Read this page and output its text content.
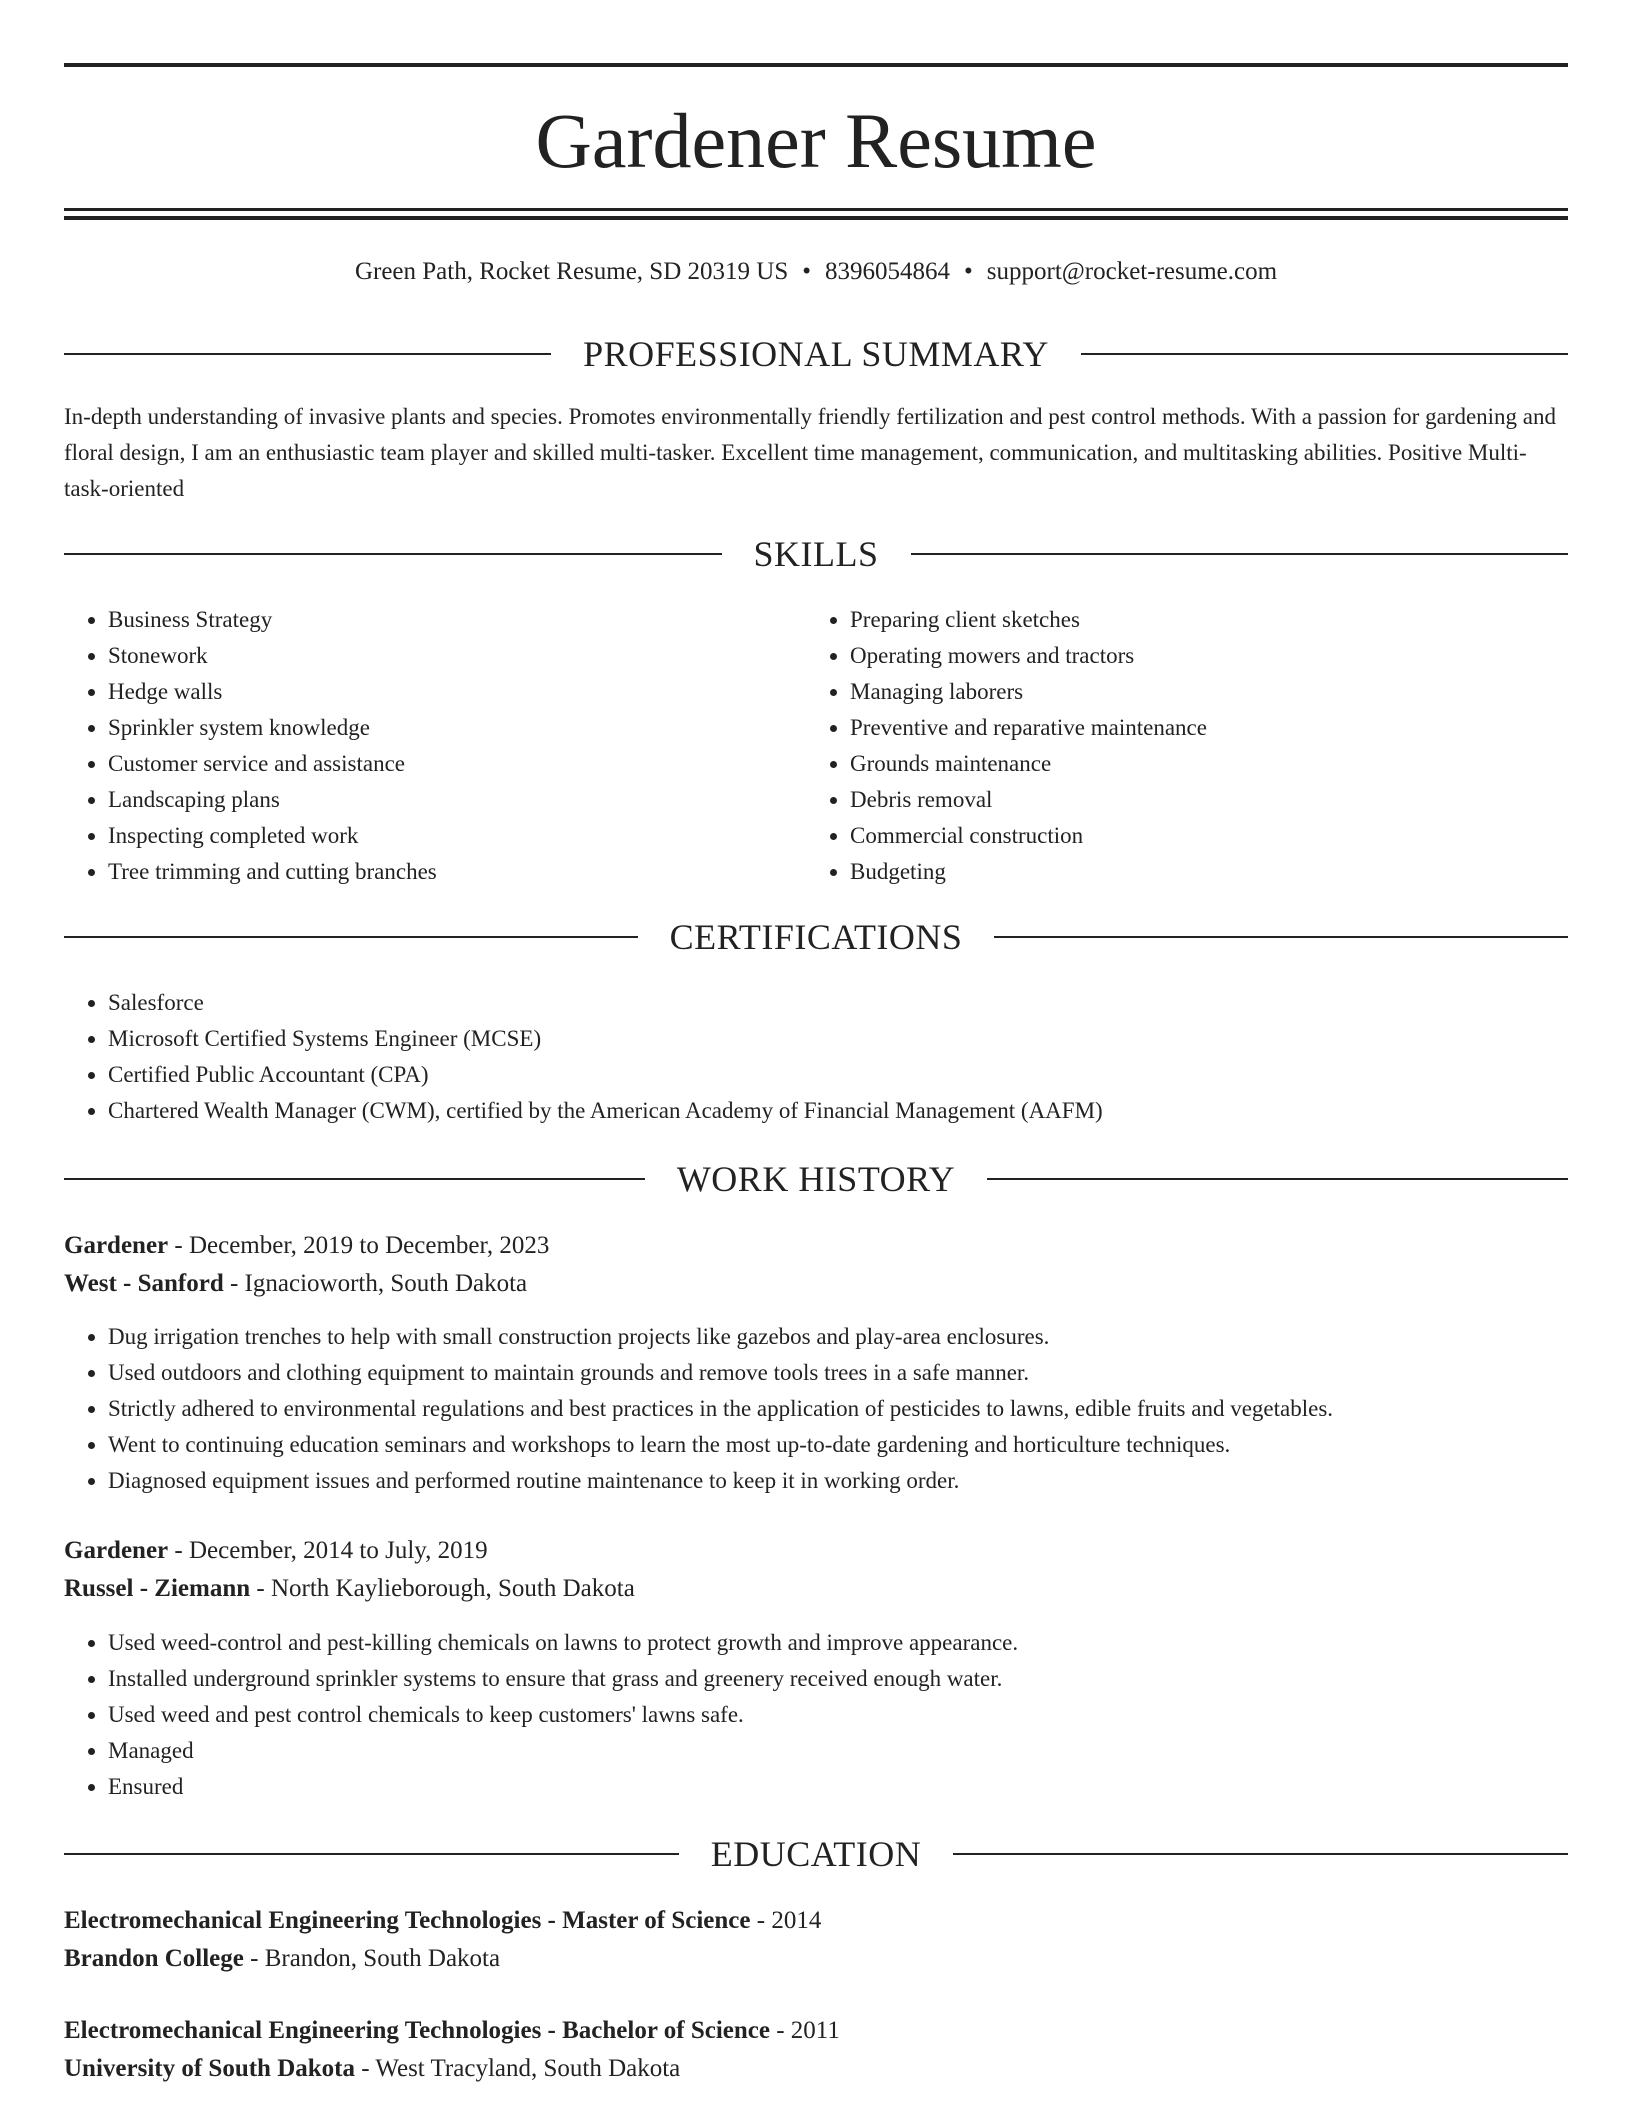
Gardener Resume
Green Path, Rocket Resume, SD 20319 US • 8396054864 • support@rocket-resume.com
PROFESSIONAL SUMMARY

In-depth understanding of invasive plants and species. Promotes environmentally friendly fertilization and pest control methods. With a passion for gardening and floral design, I am an enthusiastic team player and skilled multi-tasker. Excellent time management, communication, and multitasking abilities. Positive Multi-task-oriented

SKILLS
• Business Strategy
• Stonework
• Hedge walls
• Sprinkler system knowledge
• Customer service and assistance
• Landscaping plans
• Inspecting completed work
• Tree trimming and cutting branches
• Preparing client sketches
• Operating mowers and tractors
• Managing laborers
• Preventive and reparative maintenance
• Grounds maintenance
• Debris removal
• Commercial construction
• Budgeting
CERTIFICATIONS
• Salesforce
• Microsoft Certified Systems Engineer (MCSE)
• Certified Public Accountant (CPA)
• Chartered Wealth Manager (CWM), certified by the American Academy of Financial Management (AAFM)
WORK HISTORY

Gardener - December, 2019 to December, 2023

West - Sanford - Ignacioworth, South Dakota

• Dug irrigation trenches to help with small construction projects like gazebos and play-area enclosures.
• Used outdoors and clothing equipment to maintain grounds and remove tools trees in a safe manner.
• Strictly adhered to environmental regulations and best practices in the application of pesticides to lawns, edible fruits and vegetables.
• Went to continuing education seminars and workshops to learn the most up-to-date gardening and horticulture techniques.
• Diagnosed equipment issues and performed routine maintenance to keep it in working order.

Gardener - December, 2014 to July, 2019

Russel - Ziemann - North Kaylieborough, South Dakota

• Used weed-control and pest-killing chemicals on lawns to protect growth and improve appearance.
• Installed underground sprinkler systems to ensure that grass and greenery received enough water.
• Used weed and pest control chemicals to keep customers' lawns safe.
• Managed
• Ensured
EDUCATION

Electromechanical Engineering Technologies - Master of Science - 2014

Brandon College - Brandon, South Dakota

Electromechanical Engineering Technologies - Bachelor of Science - 2011

University of South Dakota - West Tracyland, South Dakota
